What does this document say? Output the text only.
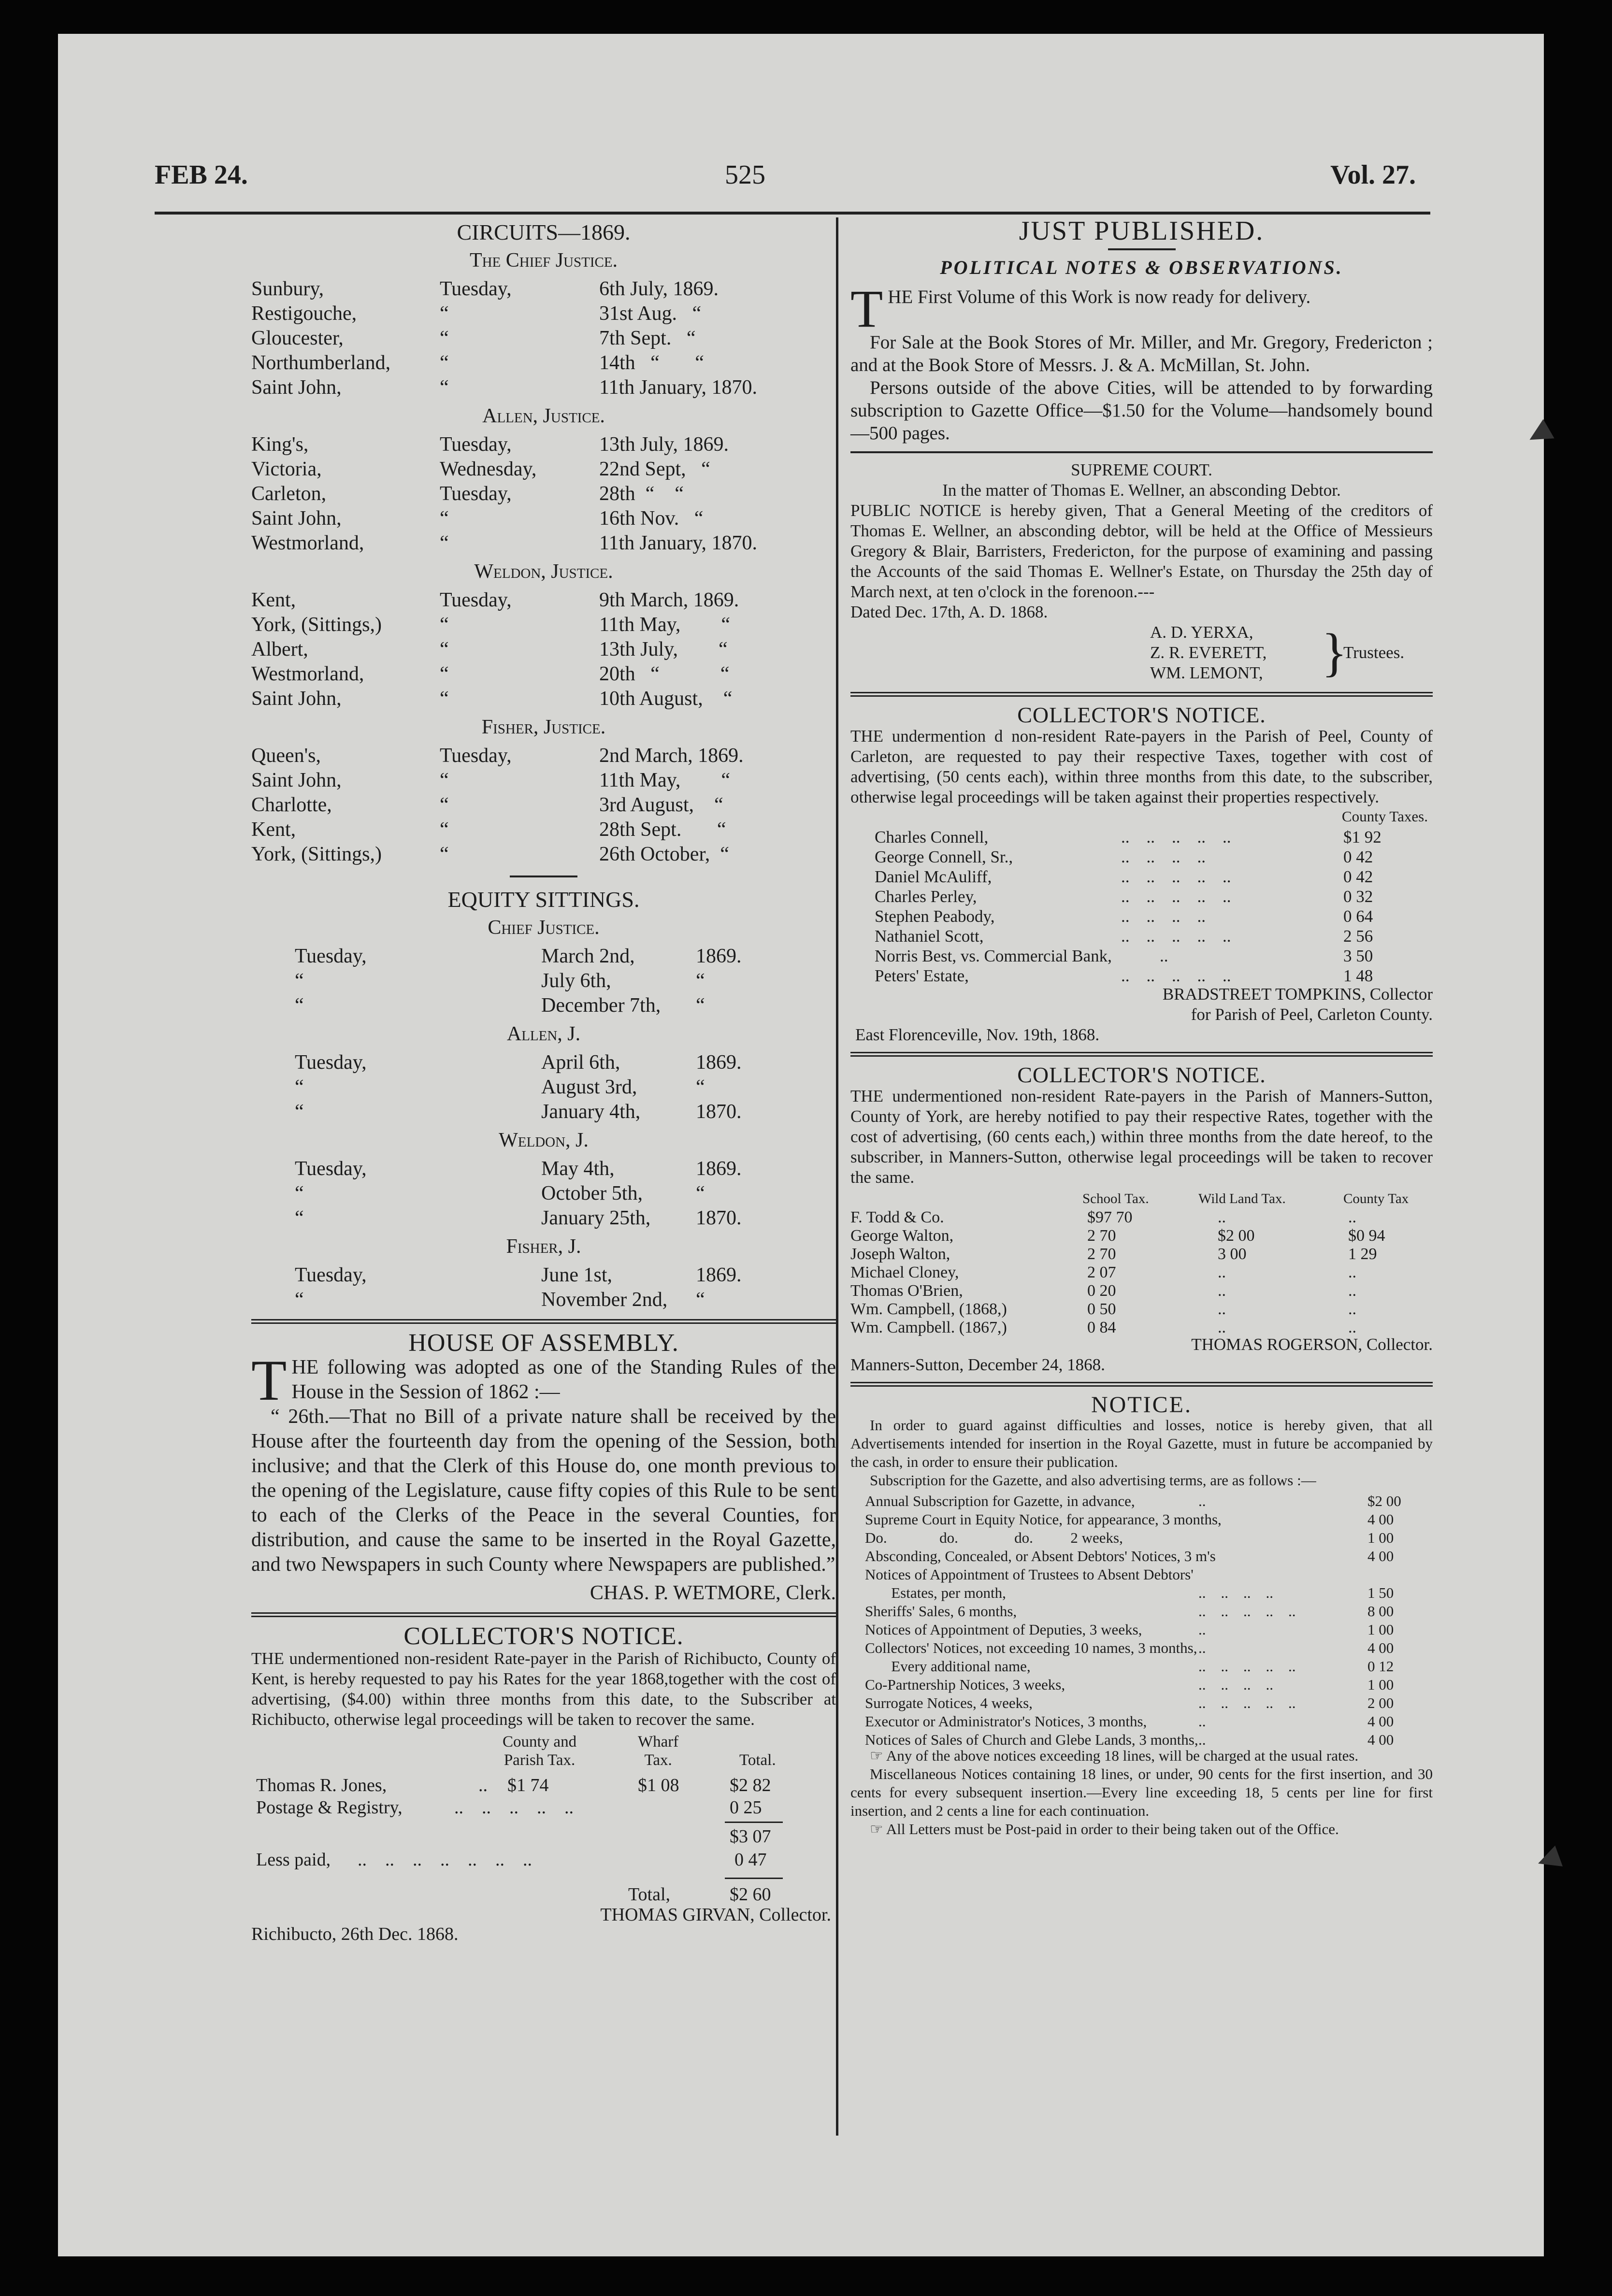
FEB 24.	525	Vol. 27.
CIRCUITS—1869.
The Chief Justice.
Sunbury,	Tuesday,	6th July, 1869.
Restigouche,	“	31st Aug.   “
Gloucester,	“	7th Sept.   “
Northumberland, “	14th   “       “
Saint John,	“	11th January, 1870.
Allen, Justice.
King's,	Tuesday,	13th July, 1869.
Victoria,	Wednesday,	22nd Sept,   “
Carleton,	Tuesday,	28th  “    “
Saint John,	“	16th Nov.   “
Westmorland,	“	11th January, 1870.
Weldon, Justice.
Kent,	Tuesday,	9th March, 1869.
York, (Sittings,)	“	11th May,        “
Albert,	“	13th July,        “
Westmorland,	“	20th   “            “
Saint John,	“	10th August,    “
Fisher, Justice.
Queen's,	Tuesday,	2nd March, 1869.
Saint John,	“	11th May,        “
Charlotte,	“	3rd August,    “
Kent,	“	28th Sept.       “
York, (Sittings,)	“	26th October,  “
EQUITY SITTINGS.
Chief Justice.
Tuesday,	March 2nd,	1869.
“	July 6th,	“
“	December 7th, “
Allen, J.
Tuesday,	April 6th,	1869.
“	August 3rd,	“
“	January 4th,	1870.
Weldon, J.
Tuesday,	May 4th,	1869.
“	October 5th,	“
“	January 25th, 1870.
Fisher, J.
Tuesday,	June 1st,	1869.
“	November 2nd, “
HOUSE OF ASSEMBLY.

THE following was adopted as one of the Standing Rules of the House in the Session of 1862 :—

“ 26th.—That no Bill of a private nature shall be received by the House after the fourteenth day from the opening of the Session, both inclusive; and that the Clerk of this House do, one month previous to the opening of the Legislature, cause fifty copies of this Rule to be sent to each of the Clerks of the Peace in the several Counties, for distribution, and cause the same to be inserted in the Royal Gazette, and two Newspapers in such County where Newspapers are published.”

CHAS. P. WETMORE, Clerk.

COLLECTOR'S NOTICE.

THE undermentioned non-resident Rate-payer in the Parish of Richibucto, County of Kent, is hereby requested to pay his Rates for the year 1868,together with the cost of advertising, ($4.00) within three months from this date, to the Subscriber at Richibucto, otherwise legal proceedings will be taken to recover the same.

County and
Parish Tax.
Wharf
Tax.	Total.
Thomas R. Jones,	.. $1 74	$1 08	$2 82
Postage & Registry,	..    ..    ..    ..    ..	0 25
$3 07
Less paid, ..    ..    ..    ..    ..    ..    ..	0 47
Total,	$2 60
THOMAS GIRVAN, Collector.
Richibucto, 26th Dec. 1868.
JUST PUBLISHED.
POLITICAL NOTES & OBSERVATIONS.

THE First Volume of this Work is now ready for delivery.

For Sale at the Book Stores of Mr. Miller, and Mr. Gregory, Fredericton ; and at the Book Store of Messrs. J. & A. McMillan, St. John.

Persons outside of the above Cities, will be attended to by forwarding subscription to Gazette Office—$1.50 for the Volume—handsomely bound—500 pages.

SUPREME COURT.

In the matter of Thomas E. Wellner, an absconding Debtor.

PUBLIC NOTICE is hereby given, That a General Meeting of the creditors of Thomas E. Wellner, an absconding debtor, will be held at the Office of Messieurs Gregory & Blair, Barristers, Fredericton, for the purpose of examining and passing the Accounts of the said Thomas E. Wellner's Estate, on Thursday the 25th day of March next, at ten o'clock in the forenoon.---

Dated Dec. 17th, A. D. 1868.
A. D. YERXA,
Z. R. EVERETT,
WM. LEMONT, }
Trustees.
COLLECTOR'S NOTICE.

THE undermention d non-resident Rate-payers in the Parish of Peel, County of Carleton, are requested to pay their respective Taxes, together with cost of advertising, (50 cents each), within three months from this date, to the subscriber, otherwise legal proceedings will be taken against their properties respectively.

County Taxes.
Charles Connell,	..    ..    ..    ..    ..	$1 92
George Connell, Sr.,	..    ..    ..    ..	0 42
Daniel McAuliff,	..    ..    ..    ..    ..	0 42
Charles Perley,	..    ..    ..    ..    ..	0 32
Stephen Peabody,	..    ..    ..    ..	0 64
Nathaniel Scott,	..    ..    ..    ..    ..	2 56
Norris Best, vs. Commercial Bank,	..	3 50
Peters' Estate,	..    ..    ..    ..    ..	1 48
BRADSTREET TOMPKINS, Collector
for Parish of Peel, Carleton County.
East Florenceville, Nov. 19th, 1868.
COLLECTOR'S NOTICE.

THE undermentioned non-resident Rate-payers in the Parish of Manners-Sutton, County of York, are hereby notified to pay their respective Rates, together with the cost of advertising, (60 cents each,) within three months from the date hereof, to the subscriber, in Manners-Sutton, otherwise legal proceedings will be taken to recover the same.

School Tax.	Wild Land Tax.	County Tax
F. Todd & Co.	$97 70	..	..
George Walton,	2 70	$2 00	$0 94
Joseph Walton,	2 70	3 00	1 29
Michael Cloney,	2 07	..	..
Thomas O'Brien,	0 20	..	..
Wm. Campbell, (1868,)	0 50	..	..
Wm. Campbell. (1867,)	0 84	..	..
THOMAS ROGERSON, Collector.
Manners-Sutton, December 24, 1868.
NOTICE.

In order to guard against difficulties and losses, notice is hereby given, that all Advertisements intended for insertion in the Royal Gazette, must in future be accompanied by the cash, in order to ensure their publication.

Subscription for the Gazette, and also advertising terms, are as follows :—

Annual Subscription for Gazette, in advance,	..	$2 00
Supreme Court in Equity Notice, for appearance, 3 months,	4 00
Do.              do.               do.          2 weeks,	1 00
Absconding, Concealed, or Absent Debtors' Notices, 3 m's	4 00
Notices of Appointment of Trustees to Absent Debtors'
Estates, per month,	..    ..    ..    ..	1 50
Sheriffs' Sales, 6 months,	..    ..    ..    ..    ..	8 00
Notices of Appointment of Deputies, 3 weeks,	..	1 00
Collectors' Notices, not exceeding 10 names, 3 months, ..	4 00
Every additional name,	..    ..    ..    ..    ..	0 12
Co-Partnership Notices, 3 weeks,	..    ..    ..    ..	1 00
Surrogate Notices, 4 weeks,	..    ..    ..    ..    ..	2 00
Executor or Administrator's Notices, 3 months,	..	4 00
Notices of Sales of Church and Glebe Lands, 3 months, ..	4 00

☞ Any of the above notices exceeding 18 lines, will be charged at the usual rates.

Miscellaneous Notices containing 18 lines, or under, 90 cents for the first insertion, and 30 cents for every subsequent insertion.—Every line exceeding 18, 5 cents per line for first insertion, and 2 cents a line for each continuation.

☞ All Letters must be Post-paid in order to their being taken out of the Office.

◀
◀
